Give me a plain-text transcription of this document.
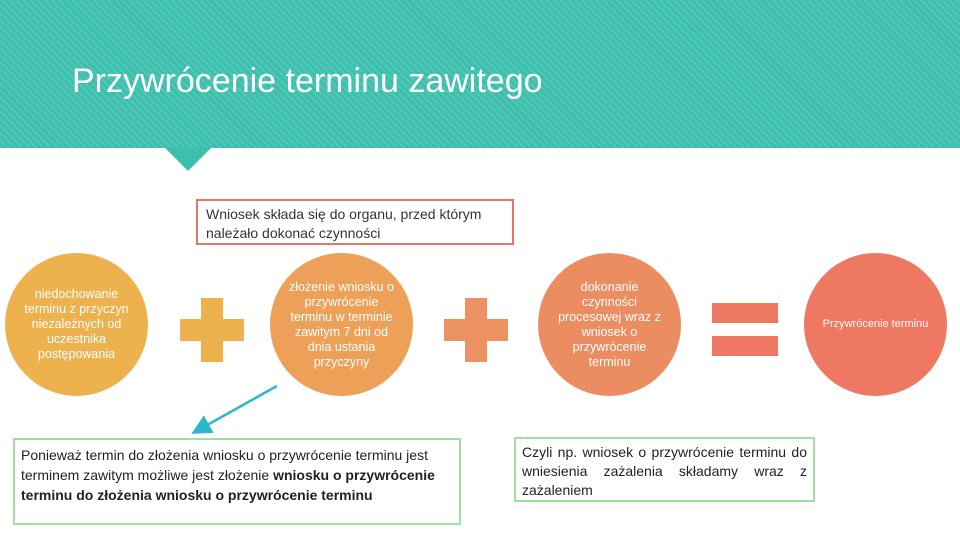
Przywrócenie terminu zawitego
Wniosek składa się do organu, przed którym należało dokonać czynności
niedochowanie terminu z przyczyn niezależnych od uczestnika postępowania
złożenie wniosku o przywrócenie terminu w terminie zawitym 7 dni od dnia ustania przyczyny
dokonanie czynności procesowej wraz z wniosek o przywrócenie terminu
Przywrócenie terminu
Ponieważ termin do złożenia wniosku o przywrócenie terminu jest terminem zawitym możliwe jest złożenie wniosku o przywrócenie terminu do złożenia wniosku o przywrócenie terminu
Czyli np. wniosek o przywrócenie terminu do wniesienia zażalenia składamy wraz z zażaleniem
